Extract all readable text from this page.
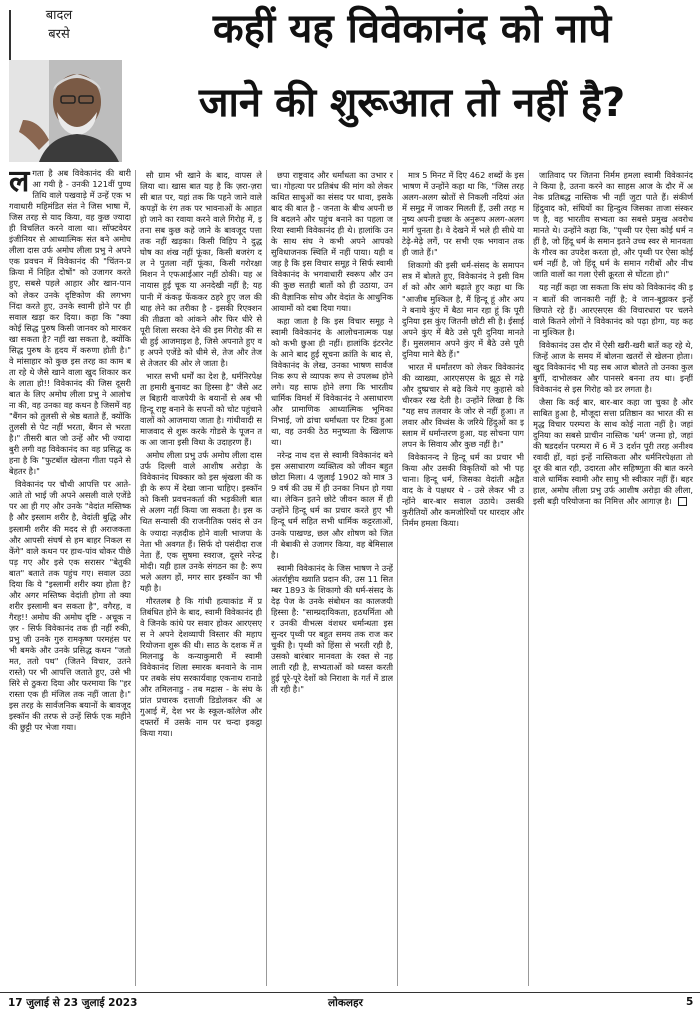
बादल
बरसे	कहीं यह विवेकानंद को नापे
जाने की शुरूआत तो नहीं है?

ल गता है अब विवेकानंद की बारी आ गयी है - उनकी 121वीं पुण्यतिथि वाले पखवाड़े में उन्हें एक भगवाधारी महिमंडित संत ने जिस भाषा में, जिस तरह से याद किया, वह कुछ ज्यादा ही विचलित करने वाला था। सॉफ्टवेयर इंजीनियर से आध्यात्मिक संत बने अमोघ लीला दास उर्फ अमोघ लीला प्रभु ने अपने एक प्रवचन में विवेकानंद की "चिंतन-प्रक्रिया में निहित दोषों" को उजागर करते हुए, सबसे पहले आहार और खान-पान को लेकर उनके दृष्टिकोण की लगभग निंदा करते हुए, उनके स्वामी होने पर ही सवाल खड़ा कर दिया। कहा कि "क्या कोई सिद्ध पुरुष किसी जानवर को मारकर खा सकता है? नहीं खा सकता है, क्योंकि सिद्ध पुरुष के हृदय में करुणा होती है।" वे मांसाहार को कुछ इस तरह का काम बता रहे थे जैसे खाने वाला खुद शिकार करके लाता हो!! विवेकानंद की जिस दूसरी बात के लिए अमोघ लीला प्रभु ने आलोचना की, वह उनका वह कथन है जिसमें वह "बैंगन को तुलसी से श्रेष्ठ बताते हैं, क्योंकि तुलसी से पेट नहीं भरता, बैंगन से भरता है।" तीसरी बात जो उन्हें और भी ज्यादा बुरी लगी वह विवेकानंद का वह प्रसिद्ध कहना है कि "फुटबॉल खेलना गीता पढ़ने से बेहतर है।"

विवेकानंद पर चौथी आपत्ति पर आते-आते तो भाई जी अपने असली वाले एजेंडे पर आ ही गए और उनके "वेदांत मस्तिष्क है और इस्लाम शरीर है, वेदांती बुद्धि और इस्लामी शरीर की मदद से ही अराजकता और आपसी संघर्ष से हम बाहर निकल सकेंगे" वाले कथन पर हाथ-पांव धोकर पीछे पड़ गए और इसे एक सरासर "बेतुकी बात" बताते तक पहुंच गए। सवाल उठा दिया कि ये "इस्लामी शरीर क्या होता है? और अगर मस्तिष्क वेदांती होगा तो क्या शरीर इस्लामी बन सकता है", वगैरह, वगैरह!! अमोघ की अमोघ दृष्टि - अचूक नज़र - सिर्फ विवेकानंद तक ही नहीं रुकी, प्रभु जी उनके गुरु रामकृष्ण परमहंस पर भी बमके और उनके प्रसिद्ध कथन "जतो मत, ततो पथ" (जितने विचार, उतने रास्ते) पर भी आपत्ति जताते हुए, उसे भी सिरे से ठुकरा दिया और फरमाया कि "हर रास्ता एक ही मंजिल तक नहीं जाता है।" इस तरह के सार्वजनिक बयानों के बावजूद इस्कॉन की तरफ से उन्हें सिर्फ एक महीने की छुट्टी पर भेजा गया।

सौ ग्राम भी खाने के बाद, वापस ले लिया था। खास बात यह है कि ज़रा-ज़रा सी बात पर, यहां तक कि पहने जाने वाले कपड़ों के रंग तक पर भावनाओं के आहत हो जाने का रवाया करने वाले गिरोह में, इतना सब कुछ कहे जाने के बावजूद पत्ता तक नहीं खड़का। किसी विहिप ने दुद्ध घोष का शंख नहीं फूंका, किसी बजरंग दल ने पुतला नहीं फूंका, किसी गरोरक्षा मिशन ने एफआईआर नहीं ठोकी। यह अनायास हुई चूक या अनदेखी नहीं है; यह पानी में कंकड़ फेंककर ठहरे हुए जल की थाह लेने का तरीका है - इसकी रिएक्शन की तीव्रता को आंकने और फिर धीरे से पूरी शिला सरका देने की इस गिरोह की सधी हुई आजमाइश है, जिसे अपनाते हुए वह अपने एजेंडे को धीमे से, तेज और तेज से तेजतर की ओर ले जाता है।

भारत सभी धर्मों का देश है, धर्मनिरपेक्षता हमारी बुनावट का हिस्सा है" जैसे अटल बिहारी वाजपेयी के बयानों से अब भी हिन्दू राष्ट्र बनाने के सपनों को चोट पहुंचाने वालों को आजमाया जाता है। गांधीवादी समाजवाद से शुरू करके गोडसे के पूजन तक आ जाना इसी विधा के उदाहरण हैं।

अमोघ लीला प्रभु उर्फ अमोघ लीला दास उर्फ दिल्ली वाले आशीष अरोड़ा के विवेकानंद धिक्कार को इस श्रृंखला की कड़ी के रूप में देखा जाना चाहिए। इस्कॉन को किसी प्रवचनकर्ता की भड़कीली बात से अलग नहीं किया जा सकता है। इस कथित सन्यासी की राजनीतिक पसंद से उनके ज्यादा नज़दीक होने वाली भाजपा के नेता भी अवगत हैं। सिर्फ दो पसंदीदा राजनेता हैं, एक सुषमा स्वराज, दूसरे नरेन्द्र मोदी। यही हाल उनके संगठन का है: रूप भले अलग हों, मगर सार इस्कॉन का भी यही है।

गौरतलब है कि गांधी हत्याकांड में प्रतिबंधित होने के बाद, स्वामी विवेकानंद ही वे जिनके कांधे पर सवार होकर आरएसएस ने अपने देशव्यापी विस्तार की महापरियोजना शुरू की थी। साठ के दशक में तमिलनाडु के कन्याकुमारी में स्वामी विवेकानंद शिला स्मारक बनवाने के नाम पर तबके संघ सरकार्यवाह एकनाथ रानाडे और तमिलनाडु - तब मद्रास - के संघ के प्रांत प्रचारक दत्ताजी डिडोलकर की अगुआई में, देश भर के स्कूल-कॉलेज और दफ्तरों में उसके नाम पर चन्दा इकट्ठा किया गया।

छपा राष्ट्रवाद और धर्मांधता का उभार रचा। गोहत्या पर प्रतिबंध की मांग को लेकर कथित साधुओं का संसद पर धावा, इसके बाद की बात है - जनता के बीच अपनी छवि बदलने और पहुंच बनाने का पहला जरिया स्वामी विवेकानंद ही थे। हालांकि उनके साथ संघ ने कभी अपने आपको सुविधाजनक स्थिति में नहीं पाया। यही वजह है कि इस विचार समूह ने सिर्फ स्वामी विवेकानंद के भगवाधारी स्वरूप और उनकी कुछ सतही बातों को ही उठाया, उनकी वैज्ञानिक सोच और वेदांत के आधुनिक आयामों को दबा दिया गया।

कहा जाता है कि इस विचार समूह ने स्वामी विवेकानंद के आलोचनात्मक पक्ष को कभी छुआ ही नहीं। हालांकि इंटरनेट के आने बाद हुई सूचना क्रांति के बाद से, विवेकानंद के लेख, उनका भाषण सार्वजनिक रूप से व्यापक रूप से उपलब्ध होने लगे। यह साफ होने लगा कि भारतीय धार्मिक विमर्श में विवेकानंद ने असाधारण और प्रामाणिक आध्यात्मिक भूमिका निभाई, जो ढांचा धर्मांधता पर टिका हुआ था, वह उनकी ठेठ मनुष्यता के खिलाफ था।

नरेन्द्र नाथ दत्त से स्वामी विवेकानंद बने इस असाधारण व्यक्तित्व को जीवन बहुत छोटा मिला। 4 जुलाई 1902 को मात्र 39 वर्ष की उम्र में ही उनका निधन हो गया था। लेकिन इतने छोटे जीवन काल में ही उन्होंने हिन्दू धर्म का प्रचार करते हुए भी हिन्दू धर्म सहित सभी धार्मिक कट्टरताओं, उनके पाखण्ड, छल और शोषण को जितनी बेबाकी से उजागर किया, वह बेमिसाल है।

स्वामी विवेकानंद के जिस भाषण ने उन्हें अंतर्राष्ट्रीय ख्याति प्रदान की, उस 11 सितम्बर 1893 के शिकागो की धर्म-संसद के देढ़ पेज के उनके संबोधन का कालजयी हिस्सा है: "साम्प्रदायिकता, हठधर्मिता और उनकी वीभत्स वंशधर धर्मान्धता इस सुन्दर पृथ्वी पर बहुत समय तक राज कर चुकी है। पृथ्वी को हिंसा से भरती रही है, उसको बारंबार मानवता के रक्त से नहलाती रही है, सभ्यताओं को ध्वस्त करती हुई पूरे-पूरे देशों को निराशा के गर्त में डालती रही है।"

मात्र 5 मिनट में दिए 462 शब्दों के इस भाषण में उन्होंने कहा था कि, "जिस तरह अलग-अलग स्रोतों से निकली नदियां अंत में समुद्र में जाकर मिलती हैं, उसी तरह मनुष्य अपनी इच्छा के अनुरूप अलग-अलग मार्ग चुनता है। वे देखने में भले ही सीधे या टेढ़े-मेढ़े लगें, पर सभी एक भगवान तक ही जाते हैं।"

शिकागो की इसी धर्म-संसद के समापन सत्र में बोलते हुए, विवेकानंद ने इसी विमर्श को और आगे बढ़ाते हुए कहा था कि "आजीब मुश्किल है, मैं हिन्दू हूं और अपने बनाये कुंए में बैठा मान रहा हूं कि पूरी दुनिया इस कुंए जितनी छोटी सी है। ईसाई अपने कुंए में बैठे उसे पूरी दुनिया मानते हैं। मुसलमान अपने कुंए में बैठे उसे पूरी दुनिया माने बैठे हैं।"

भारत में धर्मांतरण को लेकर विवेकानंद की व्याख्या, आरएसएस के झूठ से गढ़े और दुष्प्रचार से बढ़े किये गए कुहासे को चीरकर रख देती है। उन्होंने लिखा है कि "यह सच तलवार के जोर से नहीं हुआ। तलवार और विध्वंस के जरिये हिंदुओं का इस्लाम में धर्मान्तरण हुआ, यह सोचना पागलपन के सिवाय और कुछ नहीं है।"

विवेकानन्द ने हिन्दू धर्म का प्रचार भी किया और उसकी विकृतियों को भी पहचाना। हिन्दू धर्म, जिसका वेदांती अद्वैतवाद के वे पक्षधर थे - उसे लेकर भी उन्होंने बार-बार सवाल उठाये। उसकी कुरीतियों और कमजोरियों पर धारदार और निर्मम हमला किया।

जातिवाद पर जितना निर्मम हमला स्वामी विवेकानंद ने किया है, उतना करने का साहस आज के दौर में अनेक प्रतिबद्ध नास्तिक भी नहीं जुटा पाते हैं। संकीर्ण हिंदुवाद को, संघियों का हिन्दुत्व जिसका ताजा संस्करण है, वह भारतीय सभ्यता का सबसे प्रमुख अवरोध मानते थे। उन्होंने कहा कि, "पृथ्वी पर ऐसा कोई धर्म नहीं है, जो हिंदू धर्म के समान इतने उच्च स्वर से मानवता के गौरव का उपदेश करता हो, और पृथ्वी पर ऐसा कोई धर्म नहीं है, जो हिंदू धर्म के समान गरीबों और नीच जाति वालों का गला ऐसी क्रूरता से घोंटता हो।"

यह नहीं कहा जा सकता कि संघ को विवेकानंद की इन बातों की जानकारी नहीं है; वे जान-बूझकर इन्हें छिपाते रहे हैं। आरएसएस की विचारधारा पर चलने वाले कितने लोगों ने विवेकानंद को पढ़ा होगा, यह कहना मुश्किल है।

विवेकानंद उस दौर में ऐसी खरी-खरी बातें कह रहे थे, जिन्हें आज के समय में बोलना खतरों से खेलना होता। खुद विवेकानंद भी यह सब आज बोलते तो उनका कुलबुर्गी, दाभोलकर और पानसरे बनना तय था। इन्हीं विवेकानंद से इस गिरोह को डर लगता है।

जैसा कि कई बार, बार-बार कहा जा चुका है और साबित हुआ है, मौजूदा सत्ता प्रतिष्ठान का भारत की समृद्ध विचार परम्परा के साथ कोई नाता नहीं है। जहां दुनिया का सबसे प्राचीन नास्तिक 'धर्म' जन्मा हो, जहां की षडदर्शन परम्परा में 6 में 3 दर्शन पूरी तरह अनीश्वरवादी हों, वहां इन्हें नास्तिकता और धर्मनिरपेक्षता तो दूर की बात रही, उदारता और सहिष्णुता की बात करने वाले धार्मिक स्वामी और साधु भी स्वीकार नहीं हैं। बहरहाल, अमोघ लीला प्रभु उर्फ आशीष अरोड़ा की लीला, इसी बड़ी परियोजना का निमित्त और आगाज़ है।

17 जुलाई से 23 जुलाई 2023	लोकलहर	5
